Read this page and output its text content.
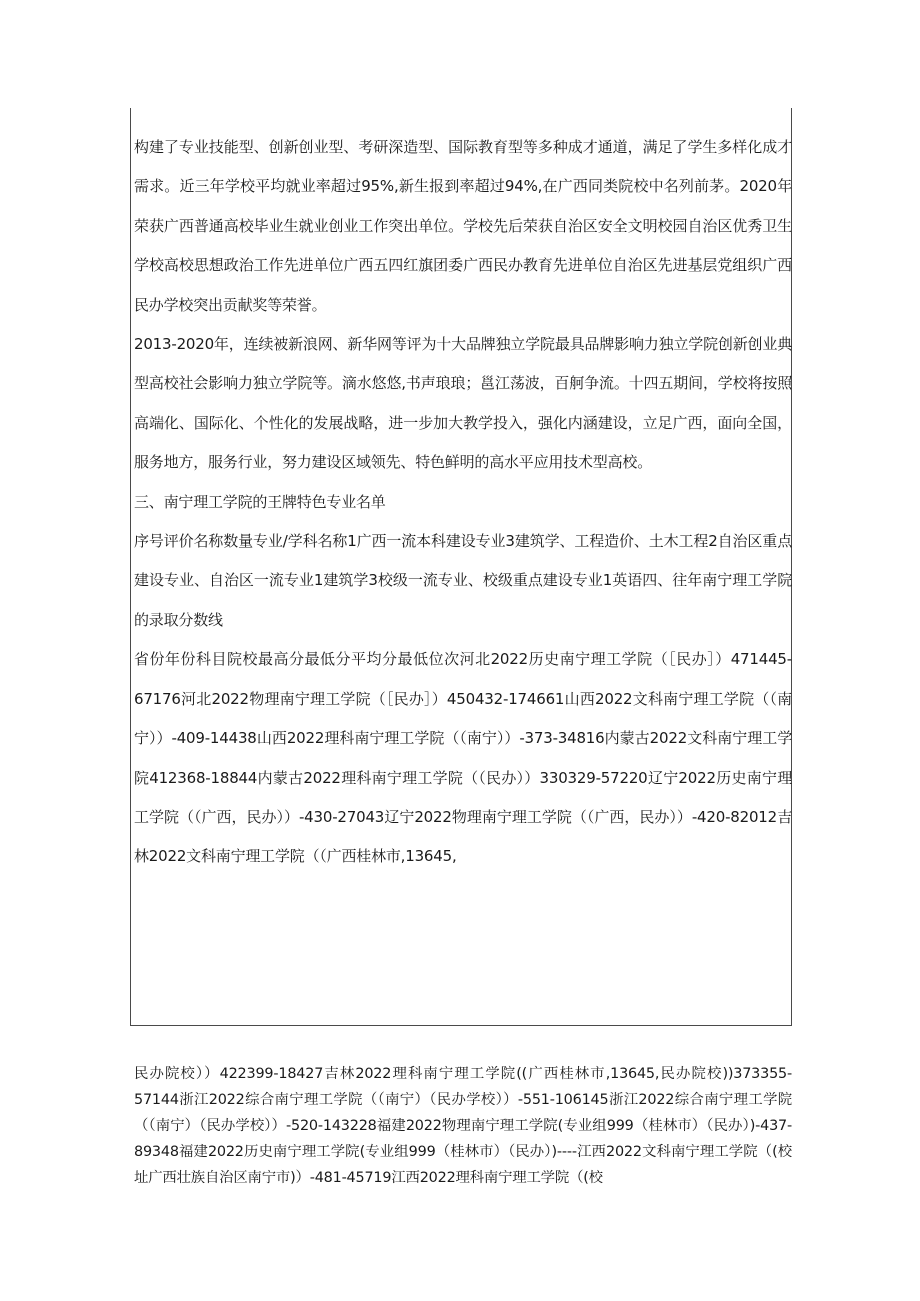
构建了专业技能型、创新创业型、考研深造型、国际教育型等多种成才通道，满足了学生多样化成才需求。近三年学校平均就业率超过95%,新生报到率超过94%,在广西同类院校中名列前茅。2020年荣获广西普通高校毕业生就业创业工作突出单位。学校先后荣获自治区安全文明校园自治区优秀卫生学校高校思想政治工作先进单位广西五四红旗团委广西民办教育先进单位自治区先进基层党组织广西民办学校突出贡献奖等荣誉。

2013-2020年，连续被新浪网、新华网等评为十大品牌独立学院最具品牌影响力独立学院创新创业典型高校社会影响力独立学院等。滴水悠悠,书声琅琅；邕江荡波，百舸争流。十四五期间，学校将按照高端化、国际化、个性化的发展战略，进一步加大教学投入，强化内涵建设，立足广西，面向全国，服务地方，服务行业，努力建设区域领先、特色鲜明的高水平应用技术型高校。

三、南宁理工学院的王牌特色专业名单

序号评价名称数量专业/学科名称1广西一流本科建设专业3建筑学、工程造价、土木工程2自治区重点建设专业、自治区一流专业1建筑学3校级一流专业、校级重点建设专业1英语四、往年南宁理工学院的录取分数线

省份年份科目院校最高分最低分平均分最低位次河北2022历史南宁理工学院（［民办］）471445-67176河北2022物理南宁理工学院（［民办］）450432-174661山西2022文科南宁理工学院（（南宁））-409-14438山西2022理科南宁理工学院（（南宁））-373-34816内蒙古2022文科南宁理工学院412368-18844内蒙古2022理科南宁理工学院（（民办））330329-57220辽宁2022历史南宁理工学院（（广西，民办））-430-27043辽宁2022物理南宁理工学院（（广西，民办））-420-82012吉林2022文科南宁理工学院（（广西桂林市,13645,

民办院校））422399-18427吉林2022理科南宁理工学院((广西桂林市,13645,民办院校))373355-57144浙江2022综合南宁理工学院（（南宁）（民办学校））-551-106145浙江2022综合南宁理工学院（（南宁）（民办学校））-520-143228福建2022物理南宁理工学院(专业组999（桂林市）（民办）)-437-89348福建2022历史南宁理工学院(专业组999（桂林市）（民办）)----江西2022文科南宁理工学院（(校址广西壮族自治区南宁市)）-481-45719江西2022理科南宁理工学院（(校
